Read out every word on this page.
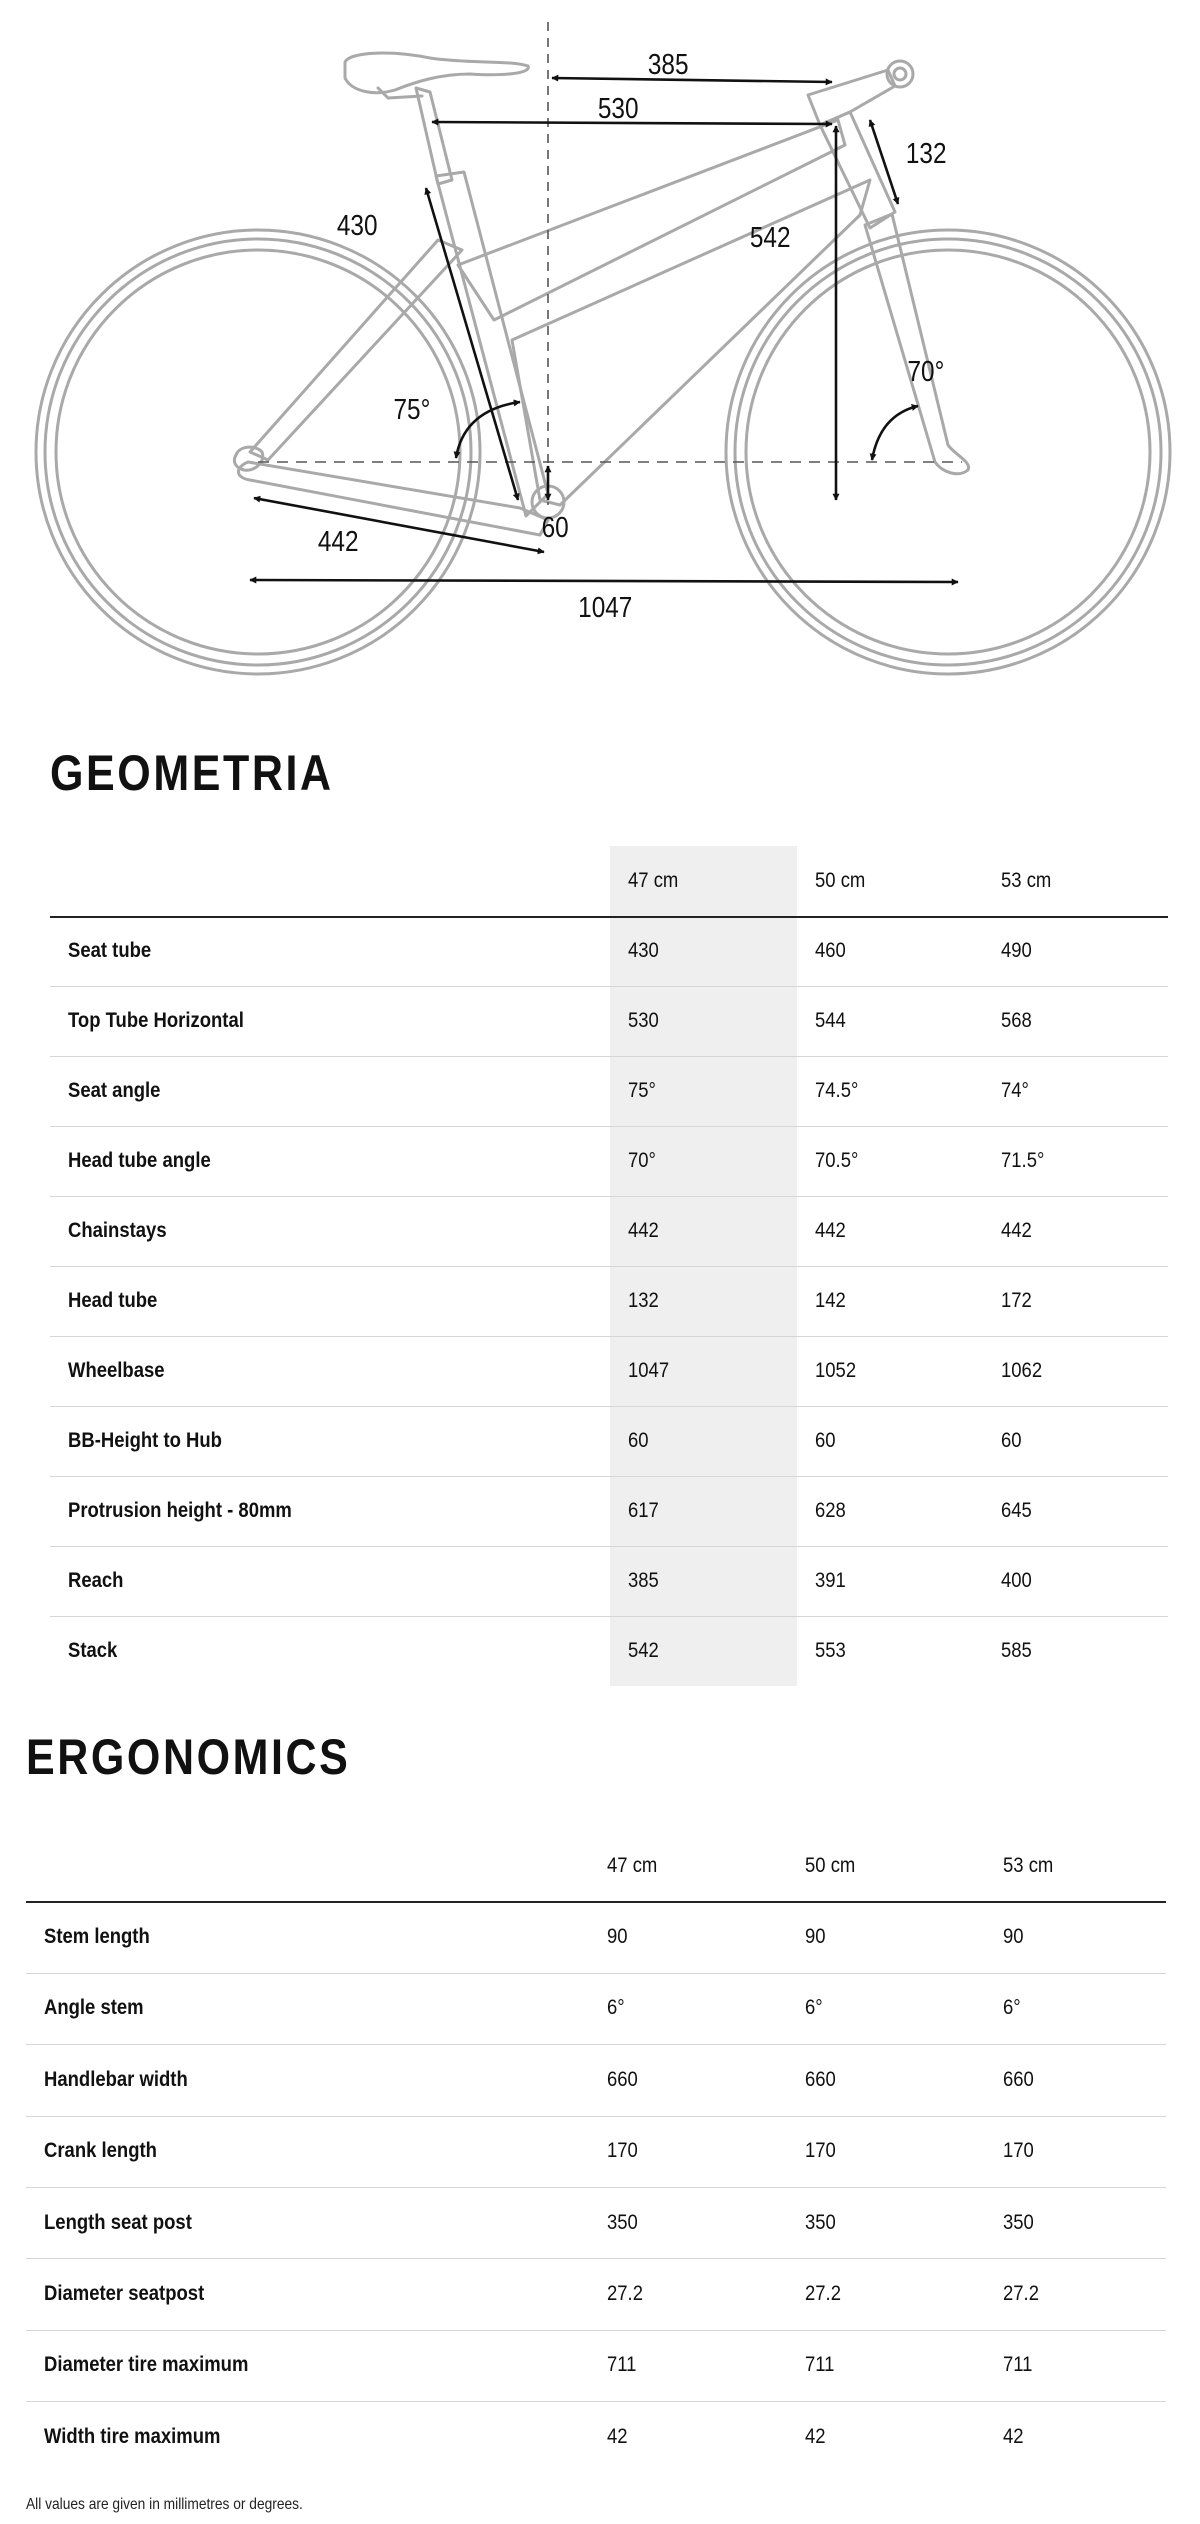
385
530
132
430	542
75°
70°
60
442
1047
GEOMETRIA
47 cm	50 cm	53 cm
Seat tube	430	460	490
Top Tube Horizontal	530	544	568
Seat angle	75°	74.5°	74°
Head tube angle	70°	70.5°	71.5°
Chainstays	442	442	442
Head tube	132	142	172
Wheelbase	1047	1052	1062
BB-Height to Hub	60	60	60
Protrusion height - 80mm	617	628	645
Reach	385	391	400
Stack	542	553	585
ERGONOMICS
47 cm	50 cm	53 cm
Stem length	90	90	90
Angle stem	6°	6°	6°
Handlebar width	660	660	660
Crank length	170	170	170
Length seat post	350	350	350
Diameter seatpost	27.2	27.2	27.2
Diameter tire maximum	711	711	711
Width tire maximum	42	42	42

All values are given in millimetres or degrees.
